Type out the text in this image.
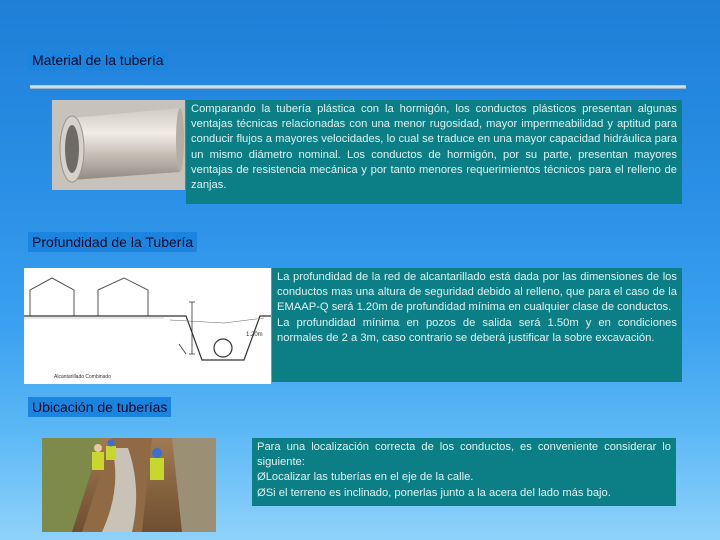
Material de la tubería

Comparando la tubería plástica con la hormigón, los conductos plásticos presentan algunas ventajas técnicas relacionadas con una menor rugosidad, mayor impermeabilidad y aptitud para conducir flujos a mayores velocidades, lo cual se traduce en una mayor capacidad hidráulica para un mismo diámetro nominal. Los conductos de hormigón, por su parte, presentan mayores ventajas de resistencia mecánica y por tanto menores requerimientos técnicos para el relleno de zanjas.

Profundidad de la Tubería
1.20m
Alcantarillado Combinado

La profundidad de la red de alcantarillado está dada por las dimensiones de los conductos mas una altura de seguridad debido al relleno, que para el caso de la EMAAP-Q será 1.20m de profundidad mínima en cualquier clase de conductos.

La profundidad mínima en pozos de salida será 1.50m y en condiciones normales de 2 a 3m, caso contrario se deberá justificar la sobre excavación.

Ubicación de tuberías

Para una localización correcta de los conductos, es conveniente considerar lo siguiente:

ØLocalizar las tuberías en el eje de la calle.

ØSi el terreno es inclinado, ponerlas junto a la acera del lado más bajo.
